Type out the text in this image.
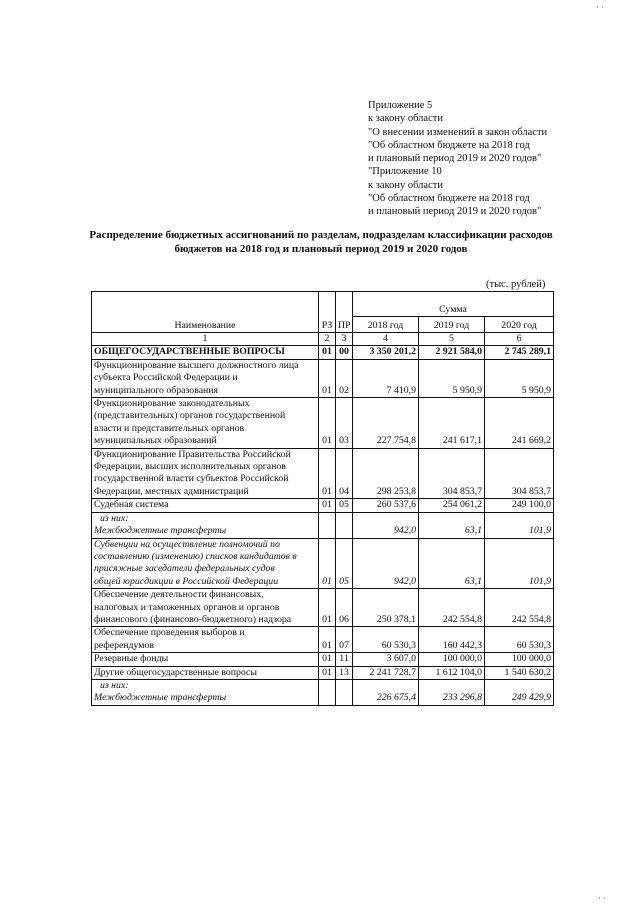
· ·
Приложение 5
к закону области
"О внесении изменений в закон области
"Об областном бюджете на 2018 год
и плановый период 2019 и 2020 годов"
"Приложение 10
к закону области
"Об областном бюджете на 2018 год
и плановый период 2019 и 2020 годов"
Распределение бюджетных ассигнований по разделам, подразделам классификации расходов
бюджетов на 2018 год и плановый период 2019 и 2020 годов
(тыс. рублей)
Наименование	РЗ	ПР	Сумма		
			2018 год	2019 год	2020 год
1	2	3	4	5	6

ОБЩЕГОСУДАРСТВЕННЫЕ ВОПРОСЫ	01	00	3 350 201,2	2 921 584,0	2 745 289,1

Функционирование высшего должностного лица
субъекта Российской Федерации и
муниципального образования	01	02	7 410,9	5 950,9	5 950,9

Функционирование законодательных
(представительных) органов государственной
власти и представительных органов
муниципальных образований	01	03	227 754,8	241 617,1	241 669,2

Функционирование Правительства Российской
Федерации, высших исполнительных органов
государственной власти субъектов Российской
Федерации, местных администраций	01	04	298 253,8	304 853,7	304 853,7

Судебная система	01	05	260 537,6	254 061,2	249 100,0

из них:					

Межбюджетные трансферты			942,0	63,1	101,9

Субвенции на осуществление полномочий по
составлению (изменению) списков кандидатов в
присяжные заседатели федеральных судов
общей юрисдикции в Российской Федерации	01	05	942,0	63,1	101,9

Обеспечение деятельности финансовых,
налоговых и таможенных органов и органов
финансового (финансово-бюджетного) надзора	01	06	250 378,1	242 554,8	242 554,8

Обеспечение проведения выборов и
референдумов	01	07	60 530,3	160 442,3	60 530,3

Резервные фонды	01	11	3 607,0	100 000,0	100 000,0

Другие общегосударственные вопросы	01	13	2 241 728,7	1 612 104,0	1 540 630,2

из них:					

Межбюджетные трансферты			226 675,4	233 296,8	249 429,9
· ·
